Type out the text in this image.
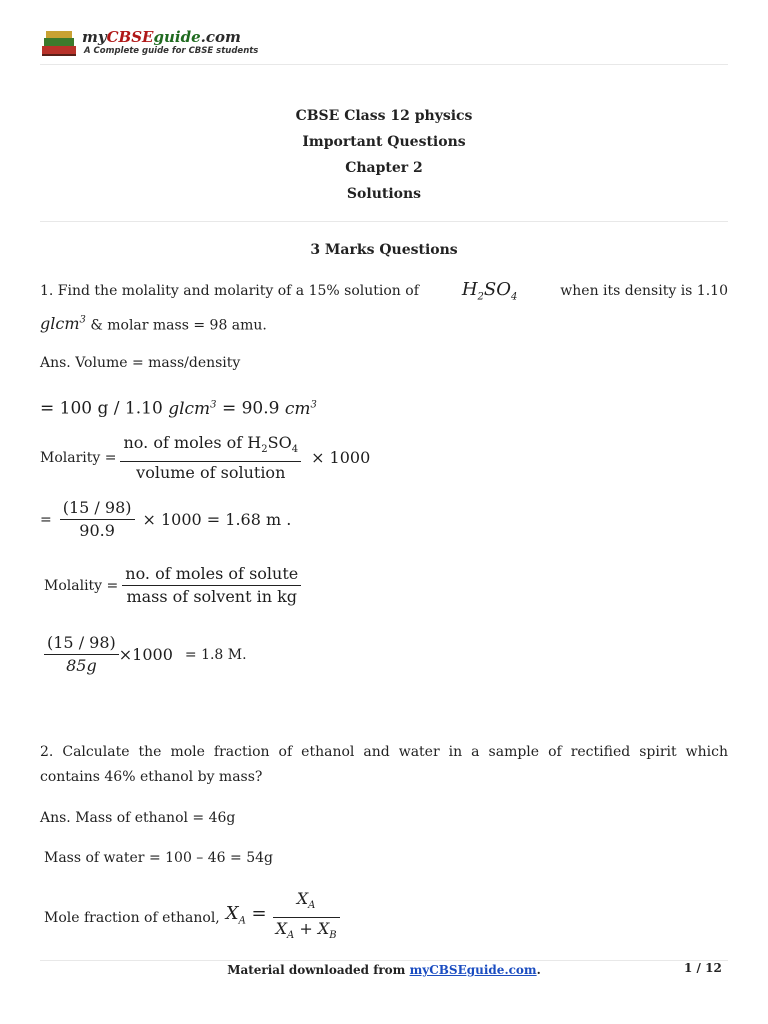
myCBSEguide.com
A Complete guide for CBSE students
CBSE Class 12 physics
Important Questions
Chapter 2
Solutions
3 Marks Questions
1. Find the molality and molarity of a 15% solution of $H_2SO_4$	when its density is 1.10
glcm$^3$ & molar mass = 98 amu.
Ans. Volume = mass/density
= 100 g / 1.10 glcm$^3$ = 90.9 $cm^3$
Molarity = $\frac{no. of moles of H_2SO_4}{\text{volume of solution}} \times 1000$
= $\frac{(15 / 98)}{90.9} \times 1000 = 1.68$ m .
Molality = $\frac{\text{no. of moles of solute}}{\text{mass of solvent in kg}}$
$\frac{(15 / 98)}{85g} \times 1000 = 1.8$ M.
2. Calculate the mole fraction of ethanol and water in a sample of rectified spirit which
contains 46% ethanol by mass?
Ans. Mass of ethanol = 46g
Mass of water = 100 – 46 = 54g
Mole fraction of ethanol, $X_A = \frac{X_A}{X_A + X_B}$
Material downloaded from myCBSEguide.com.	1 / 12
